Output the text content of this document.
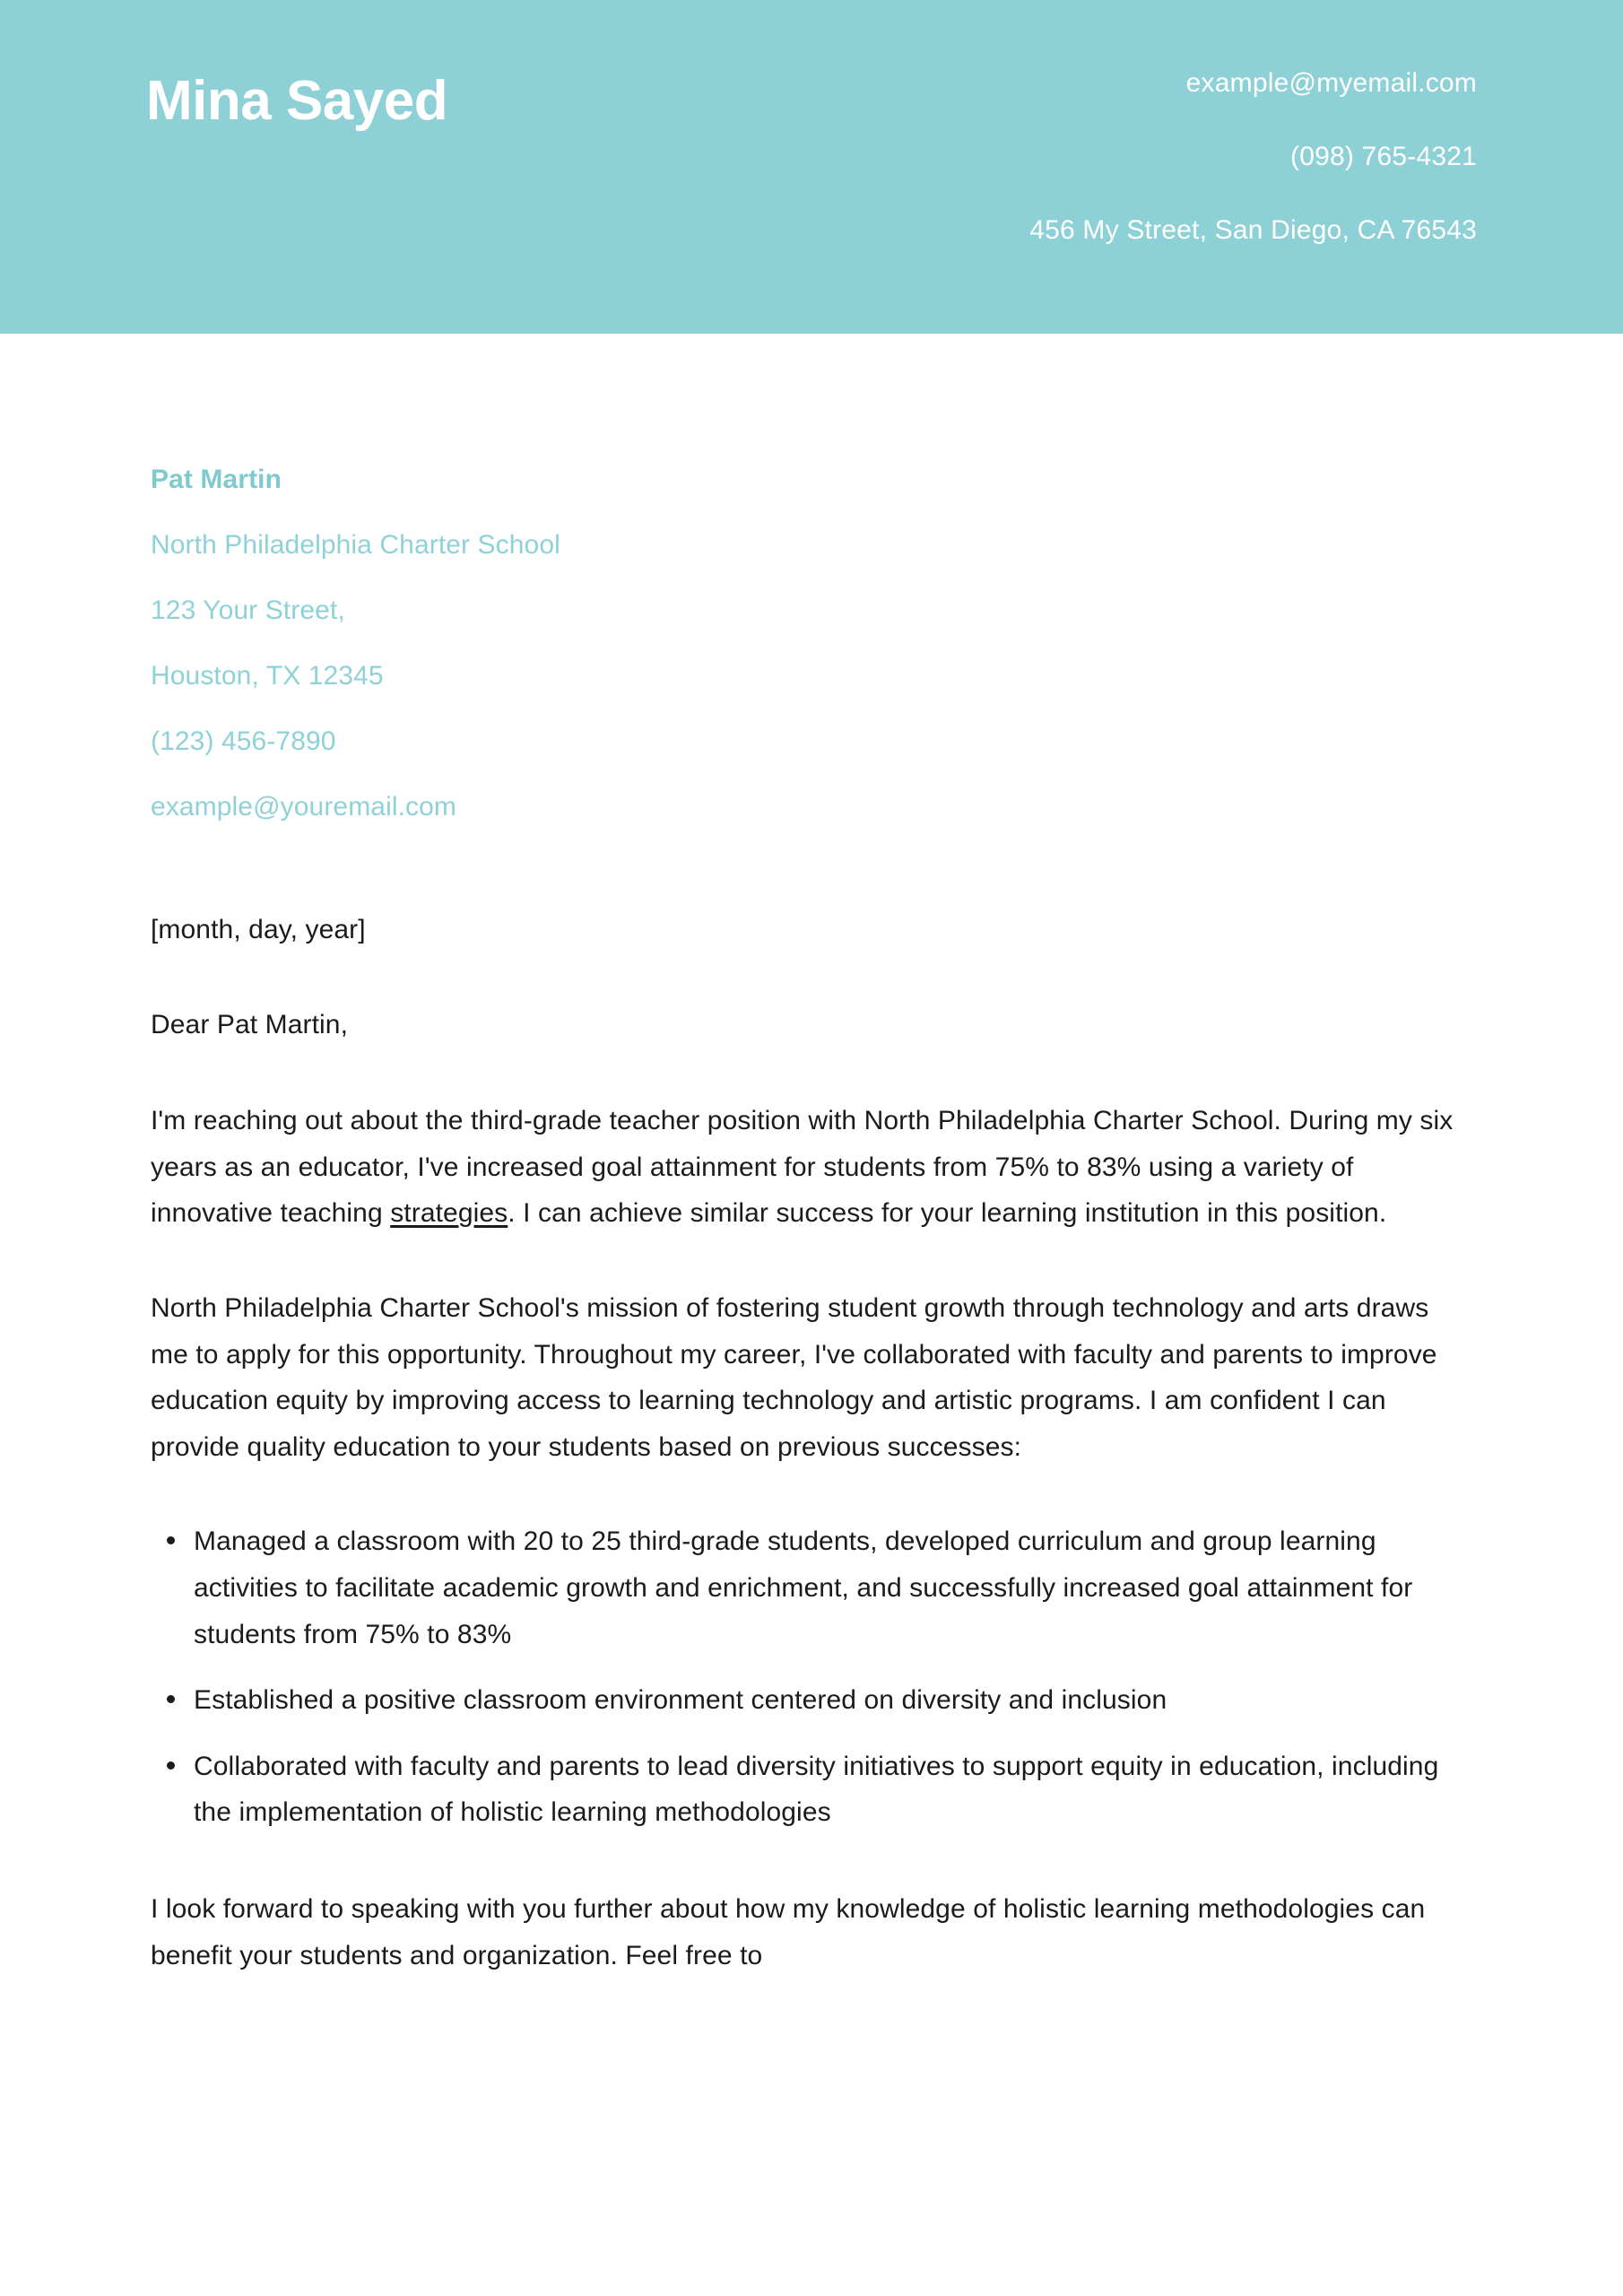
Mina Sayed	example@myemail.com
(098) 765-4321
456 My Street, San Diego, CA 76543
Pat Martin
North Philadelphia Charter School
123 Your Street,
Houston, TX 12345
(123) 456-7890
example@youremail.com

[month, day, year]

Dear Pat Martin,

I'm reaching out about the third-grade teacher position with North Philadelphia Charter School. During my six years as an educator, I've increased goal attainment for students from 75% to 83% using a variety of innovative teaching strategies. I can achieve similar success for your learning institution in this position.

North Philadelphia Charter School's mission of fostering student growth through technology and arts draws me to apply for this opportunity. Throughout my career, I've collaborated with faculty and parents to improve education equity by improving access to learning technology and artistic programs. I am confident I can provide quality education to your students based on previous successes:

Managed a classroom with 20 to 25 third-grade students, developed curriculum and group learning activities to facilitate academic growth and enrichment, and successfully increased goal attainment for students from 75% to 83%
Established a positive classroom environment centered on diversity and inclusion
Collaborated with faculty and parents to lead diversity initiatives to support equity in education, including the implementation of holistic learning methodologies

I look forward to speaking with you further about how my knowledge of holistic learning methodologies can benefit your students and organization. Feel free to
